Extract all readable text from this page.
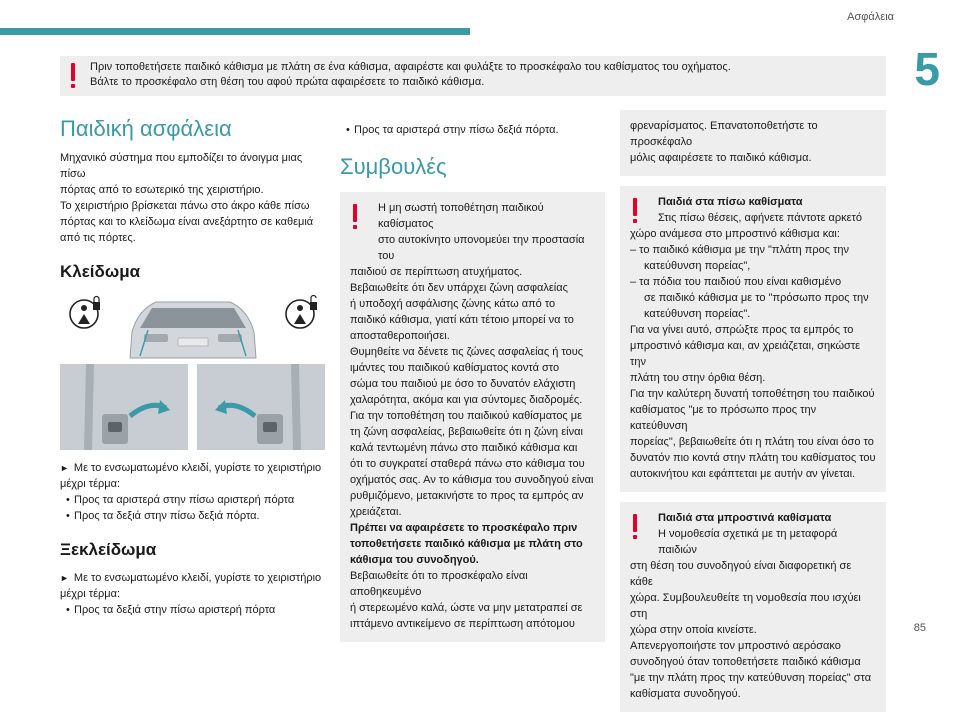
Ασφάλεια
5
Πριν τοποθετήσετε παιδικό κάθισμα με πλάτη σε ένα κάθισμα, αφαιρέστε και φυλάξτε το προσκέφαλο του καθίσματος του οχήματος.
Βάλτε το προσκέφαλο στη θέση του αφού πρώτα αφαιρέσετε το παιδικό κάθισμα.
Παιδική ασφάλεια
Μηχανικό σύστημα που εμποδίζει το άνοιγμα μιας πίσω
πόρτας από το εσωτερικό της χειριστήριο.
Το χειριστήριο βρίσκεται πάνω στο άκρο κάθε πίσω
πόρτας και το κλείδωμα είναι ανεξάρτητο σε καθεμιά
από τις πόρτες.
Κλείδωμα
► Με το ενσωματωμένο κλειδί, γυρίστε το χειριστήριο
μέχρι τέρμα:
• Προς τα αριστερά στην πίσω αριστερή πόρτα
• Προς τα δεξιά στην πίσω δεξιά πόρτα.
Ξεκλείδωμα
► Με το ενσωματωμένο κλειδί, γυρίστε το χειριστήριο
μέχρι τέρμα:
• Προς τα δεξιά στην πίσω αριστερή πόρτα
• Προς τα αριστερά στην πίσω δεξιά πόρτα.
Συμβουλές
Η μη σωστή τοποθέτηση παιδικού καθίσματος
στο αυτοκίνητο υπονομεύει την προστασία του
παιδιού σε περίπτωση ατυχήματος.
Βεβαιωθείτε ότι δεν υπάρχει ζώνη ασφαλείας
ή υποδοχή ασφάλισης ζώνης κάτω από το
παιδικό κάθισμα, γιατί κάτι τέτοιο μπορεί να το
αποσταθεροποιήσει.
Θυμηθείτε να δένετε τις ζώνες ασφαλείας ή τους
ιμάντες του παιδικού καθίσματος κοντά στο
σώμα του παιδιού με όσο το δυνατόν ελάχιστη
χαλαρότητα, ακόμα και για σύντομες διαδρομές.
Για την τοποθέτηση του παιδικού καθίσματος με
τη ζώνη ασφαλείας, βεβαιωθείτε ότι η ζώνη είναι
καλά τεντωμένη πάνω στο παιδικό κάθισμα και
ότι το συγκρατεί σταθερά πάνω στο κάθισμα του
οχήματός σας. Αν το κάθισμα του συνοδηγού είναι
ρυθμιζόμενο, μετακινήστε το προς τα εμπρός αν
χρειάζεται.
Πρέπει να αφαιρέσετε το προσκέφαλο πριν
τοποθετήσετε παιδικό κάθισμα με πλάτη στο
κάθισμα του συνοδηγού.
Βεβαιωθείτε ότι το προσκέφαλο είναι αποθηκευμένο
ή στερεωμένο καλά, ώστε να μην μετατραπεί σε
ιπτάμενο αντικείμενο σε περίπτωση απότομου
φρεναρίσματος. Επανατοποθετήστε το προσκέφαλο
μόλις αφαιρέσετε το παιδικό κάθισμα.
Παιδιά στα πίσω καθίσματα
Στις πίσω θέσεις, αφήνετε πάντοτε αρκετό
χώρο ανάμεσα στο μπροστινό κάθισμα και:
– το παιδικό κάθισμα με την "πλάτη προς την
κατεύθυνση πορείας",
– τα πόδια του παιδιού που είναι καθισμένο
σε παιδικό κάθισμα με το "πρόσωπο προς την
κατεύθυνση πορείας".
Για να γίνει αυτό, σπρώξτε προς τα εμπρός το
μπροστινό κάθισμα και, αν χρειάζεται, σηκώστε την
πλάτη του στην όρθια θέση.
Για την καλύτερη δυνατή τοποθέτηση του παιδικού
καθίσματος "με το πρόσωπο προς την κατεύθυνση
πορείας", βεβαιωθείτε ότι η πλάτη του είναι όσο το
δυνατόν πιο κοντά στην πλάτη του καθίσματος του
αυτοκινήτου και εφάπτεται με αυτήν αν γίνεται.
Παιδιά στα μπροστινά καθίσματα
Η νομοθεσία σχετικά με τη μεταφορά παιδιών
στη θέση του συνοδηγού είναι διαφορετική σε κάθε
χώρα. Συμβουλευθείτε τη νομοθεσία που ισχύει στη
χώρα στην οποία κινείστε.
Απενεργοποιήστε τον μπροστινό αερόσακο
συνοδηγού όταν τοποθετήσετε παιδικό κάθισμα
"με την πλάτη προς την κατεύθυνση πορείας" στα
καθίσματα συνοδηγού.
85
